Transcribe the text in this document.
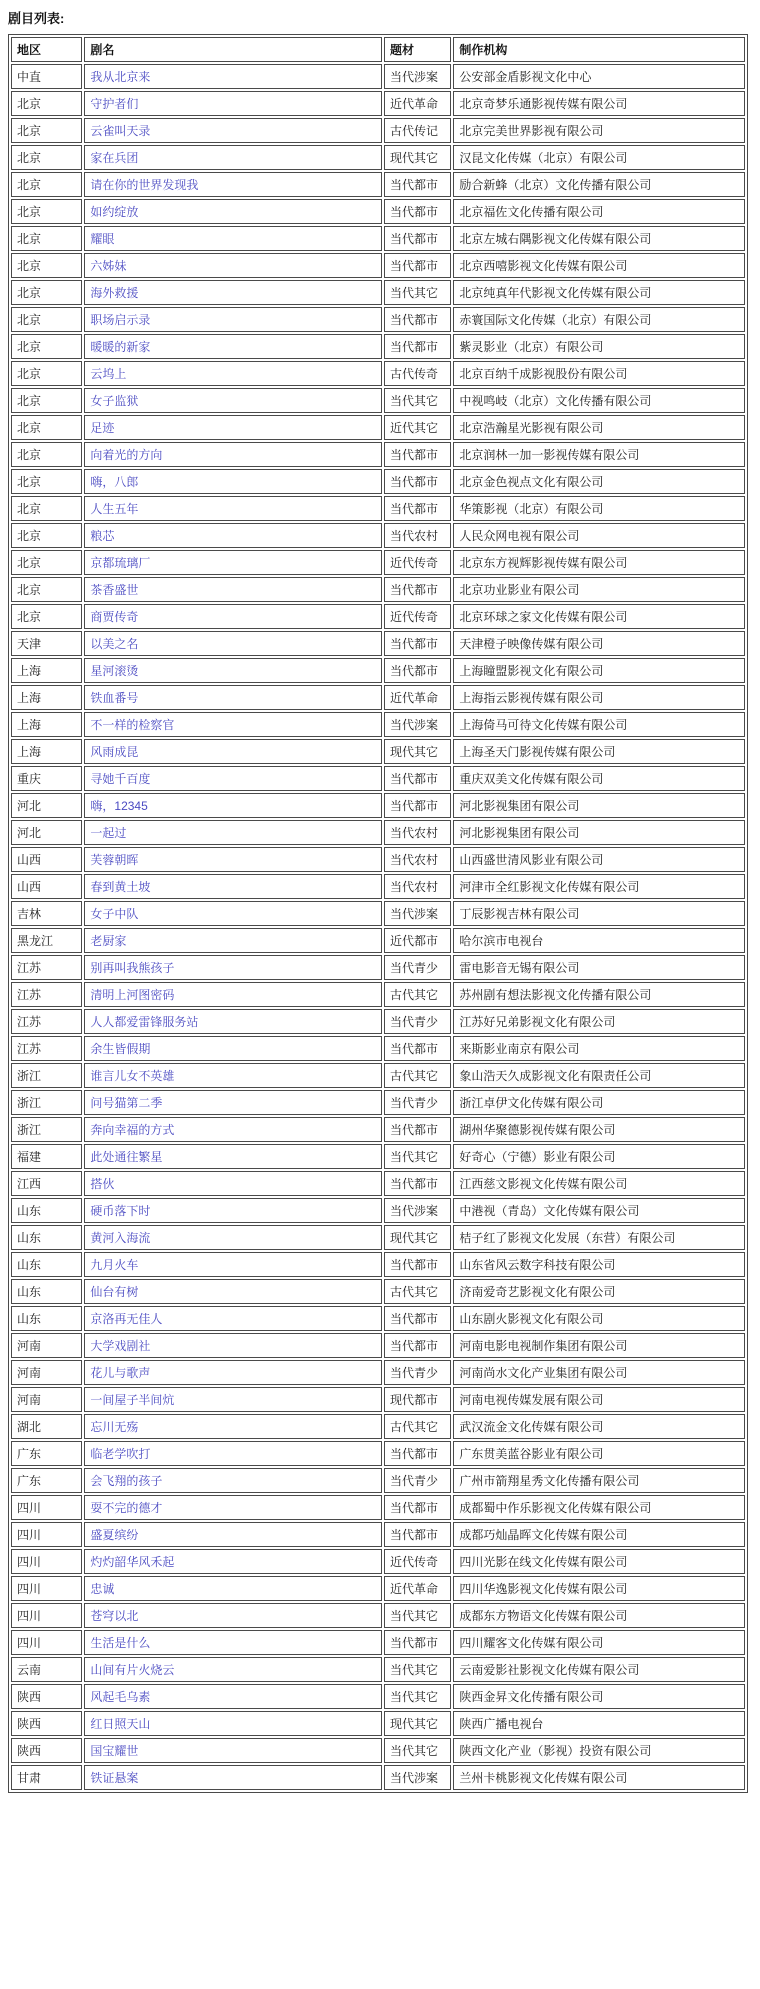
剧目列表:
地区	剧名	题材	制作机构
中直	我从北京来	当代涉案	公安部金盾影视文化中心
北京	守护者们	近代革命	北京奇梦乐通影视传媒有限公司
北京	云雀叫天录	古代传记	北京完美世界影视有限公司
北京	家在兵团	现代其它	汉昆文化传媒（北京）有限公司
北京	请在你的世界发现我	当代都市	励合新蜂（北京）文化传播有限公司
北京	如约绽放	当代都市	北京福佐文化传播有限公司
北京	耀眼	当代都市	北京左城右隅影视文化传媒有限公司
北京	六姊妹	当代都市	北京西嘻影视文化传媒有限公司
北京	海外救援	当代其它	北京纯真年代影视文化传媒有限公司
北京	职场启示录	当代都市	赤寰国际文化传媒（北京）有限公司
北京	暖暖的新家	当代都市	紫灵影业（北京）有限公司
北京	云坞上	古代传奇	北京百纳千成影视股份有限公司
北京	女子监狱	当代其它	中视鸣岐（北京）文化传播有限公司
北京	足迹	近代其它	北京浩瀚星光影视有限公司
北京	向着光的方向	当代都市	北京润林一加一影视传媒有限公司
北京	嗨，八郎	当代都市	北京金色视点文化有限公司
北京	人生五年	当代都市	华策影视（北京）有限公司
北京	粮芯	当代农村	人民众网电视有限公司
北京	京都琉璃厂	近代传奇	北京东方视辉影视传媒有限公司
北京	茶香盛世	当代都市	北京功业影业有限公司
北京	商贾传奇	近代传奇	北京环球之家文化传媒有限公司
天津	以美之名	当代都市	天津橙子映像传媒有限公司
上海	星河滚烫	当代都市	上海瞳盟影视文化有限公司
上海	铁血番号	近代革命	上海指云影视传媒有限公司
上海	不一样的检察官	当代涉案	上海倚马可待文化传媒有限公司
上海	风雨成昆	现代其它	上海圣天门影视传媒有限公司
重庆	寻她千百度	当代都市	重庆双美文化传媒有限公司
河北	嗨，12345	当代都市	河北影视集团有限公司
河北	一起过	当代农村	河北影视集团有限公司
山西	芙蓉朝晖	当代农村	山西盛世清风影业有限公司
山西	春到黄土坡	当代农村	河津市全红影视文化传媒有限公司
吉林	女子中队	当代涉案	丁辰影视吉林有限公司
黑龙江	老厨家	近代都市	哈尔滨市电视台
江苏	别再叫我熊孩子	当代青少	雷电影音无锡有限公司
江苏	清明上河图密码	古代其它	苏州剧有想法影视文化传播有限公司
江苏	人人都爱雷锋服务站	当代青少	江苏好兄弟影视文化有限公司
江苏	余生皆假期	当代都市	来斯影业南京有限公司
浙江	谁言儿女不英雄	古代其它	象山浩天久成影视文化有限责任公司
浙江	问号猫第二季	当代青少	浙江卓伊文化传媒有限公司
浙江	奔向幸福的方式	当代都市	湖州华聚德影视传媒有限公司
福建	此处通往繁星	当代其它	好奇心（宁德）影业有限公司
江西	搭伙	当代都市	江西慈文影视文化传媒有限公司
山东	硬币落下时	当代涉案	中港视（青岛）文化传媒有限公司
山东	黄河入海流	现代其它	桔子红了影视文化发展（东营）有限公司
山东	九月火车	当代都市	山东省风云数字科技有限公司
山东	仙台有树	古代其它	济南爱奇艺影视文化有限公司
山东	京洛再无佳人	当代都市	山东剧火影视文化有限公司
河南	大学戏剧社	当代都市	河南电影电视制作集团有限公司
河南	花儿与歌声	当代青少	河南尚水文化产业集团有限公司
河南	一间屋子半间炕	现代都市	河南电视传媒发展有限公司
湖北	忘川无殇	古代其它	武汉流金文化传媒有限公司
广东	临老学吹打	当代都市	广东贯美蓝谷影业有限公司
广东	会飞翔的孩子	当代青少	广州市箭翔星秀文化传播有限公司
四川	耍不完的德才	当代都市	成都蜀中作乐影视文化传媒有限公司
四川	盛夏缤纷	当代都市	成都巧灿晶晖文化传媒有限公司
四川	灼灼韶华风禾起	近代传奇	四川光影在线文化传媒有限公司
四川	忠诚	近代革命	四川华逸影视文化传媒有限公司
四川	苍穹以北	当代其它	成都东方物语文化传媒有限公司
四川	生活是什么	当代都市	四川耀客文化传媒有限公司
云南	山间有片火烧云	当代其它	云南爱影社影视文化传媒有限公司
陕西	风起毛乌素	当代其它	陕西金昇文化传播有限公司
陕西	红日照天山	现代其它	陕西广播电视台
陕西	国宝耀世	当代其它	陕西文化产业（影视）投资有限公司
甘肃	铁证悬案	当代涉案	兰州卡桃影视文化传媒有限公司
